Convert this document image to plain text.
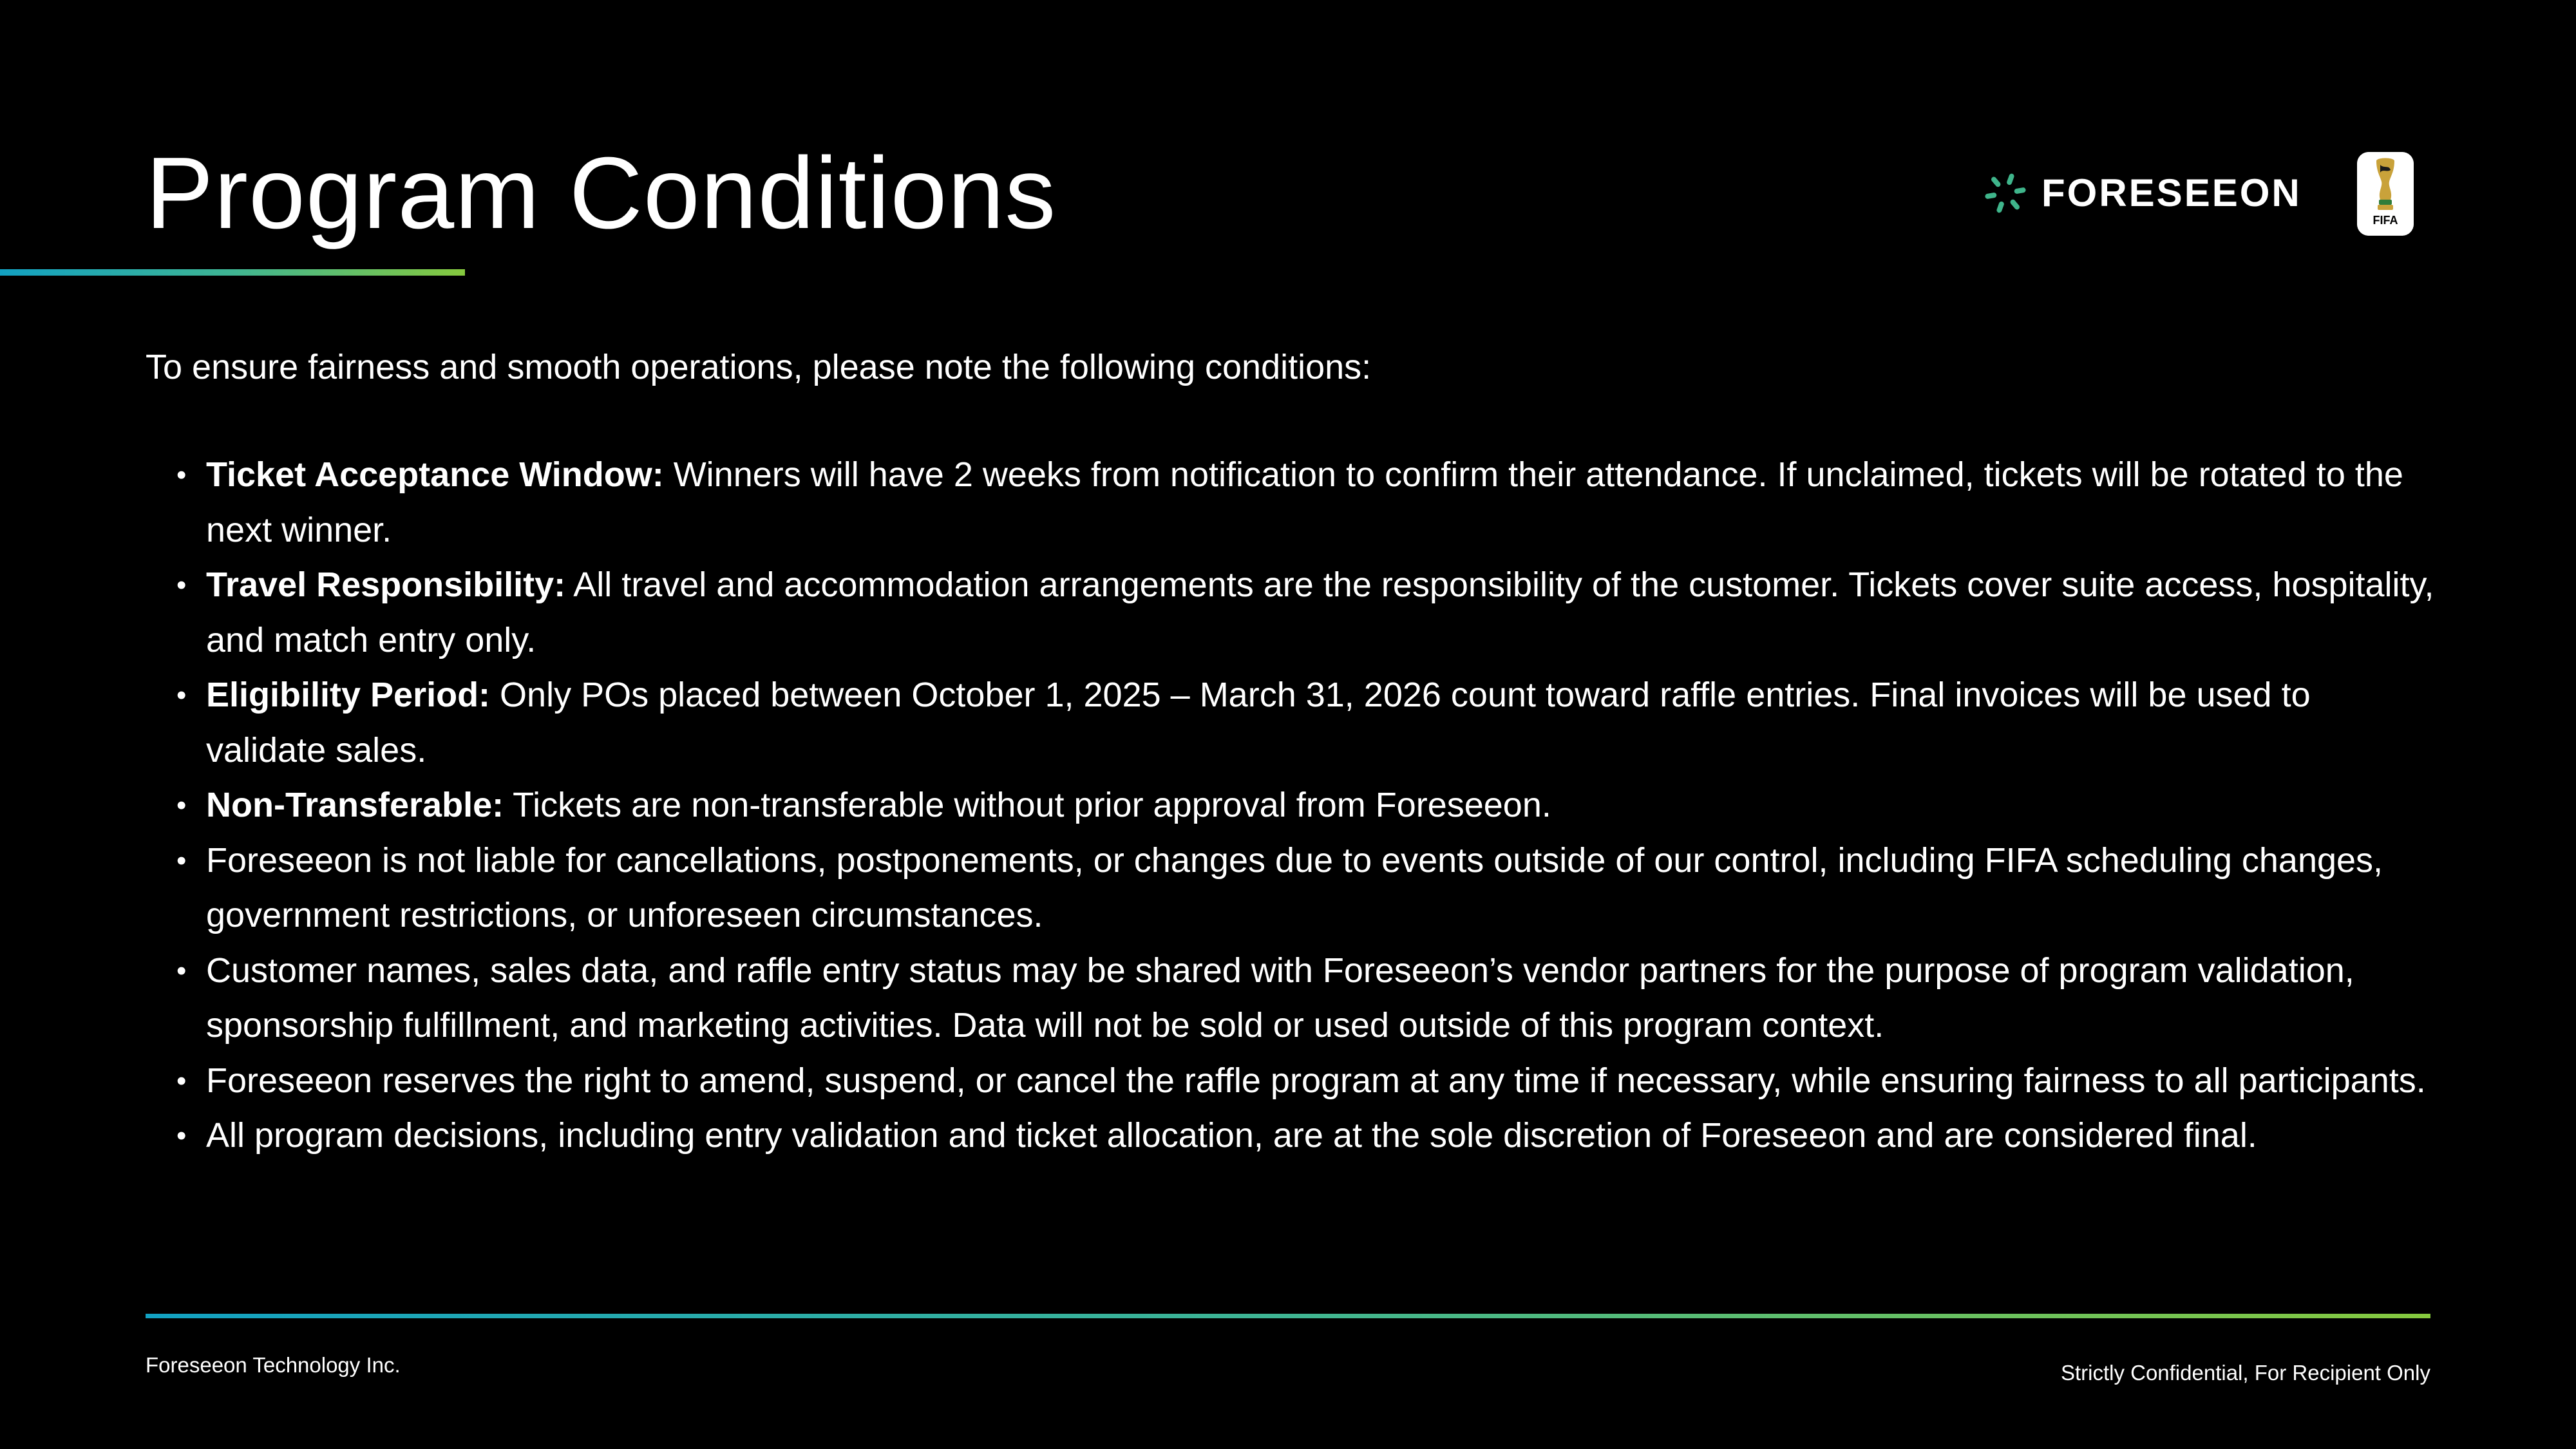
Program Conditions	FORESEEON
FIFA

To ensure fairness and smooth operations, please note the following conditions:

• Ticket Acceptance Window: Winners will have 2 weeks from notification to confirm their attendance. If unclaimed, tickets will be rotated to the next winner.
• Travel Responsibility: All travel and accommodation arrangements are the responsibility of the customer. Tickets cover suite access, hospitality, and match entry only.
• Eligibility Period: Only POs placed between October 1, 2025 – March 31, 2026 count toward raffle entries. Final invoices will be used to validate sales.
• Non-Transferable: Tickets are non-transferable without prior approval from Foreseeon.
• Foreseeon is not liable for cancellations, postponements, or changes due to events outside of our control, including FIFA scheduling changes, government restrictions, or unforeseen circumstances.
• Customer names, sales data, and raffle entry status may be shared with Foreseeon’s vendor partners for the purpose of program validation, sponsorship fulfillment, and marketing activities. Data will not be sold or used outside of this program context.
• Foreseeon reserves the right to amend, suspend, or cancel the raffle program at any time if necessary, while ensuring fairness to all participants.
• All program decisions, including entry validation and ticket allocation, are at the sole discretion of Foreseeon and are considered final.
Foreseeon Technology Inc.	Strictly Confidential, For Recipient Only
